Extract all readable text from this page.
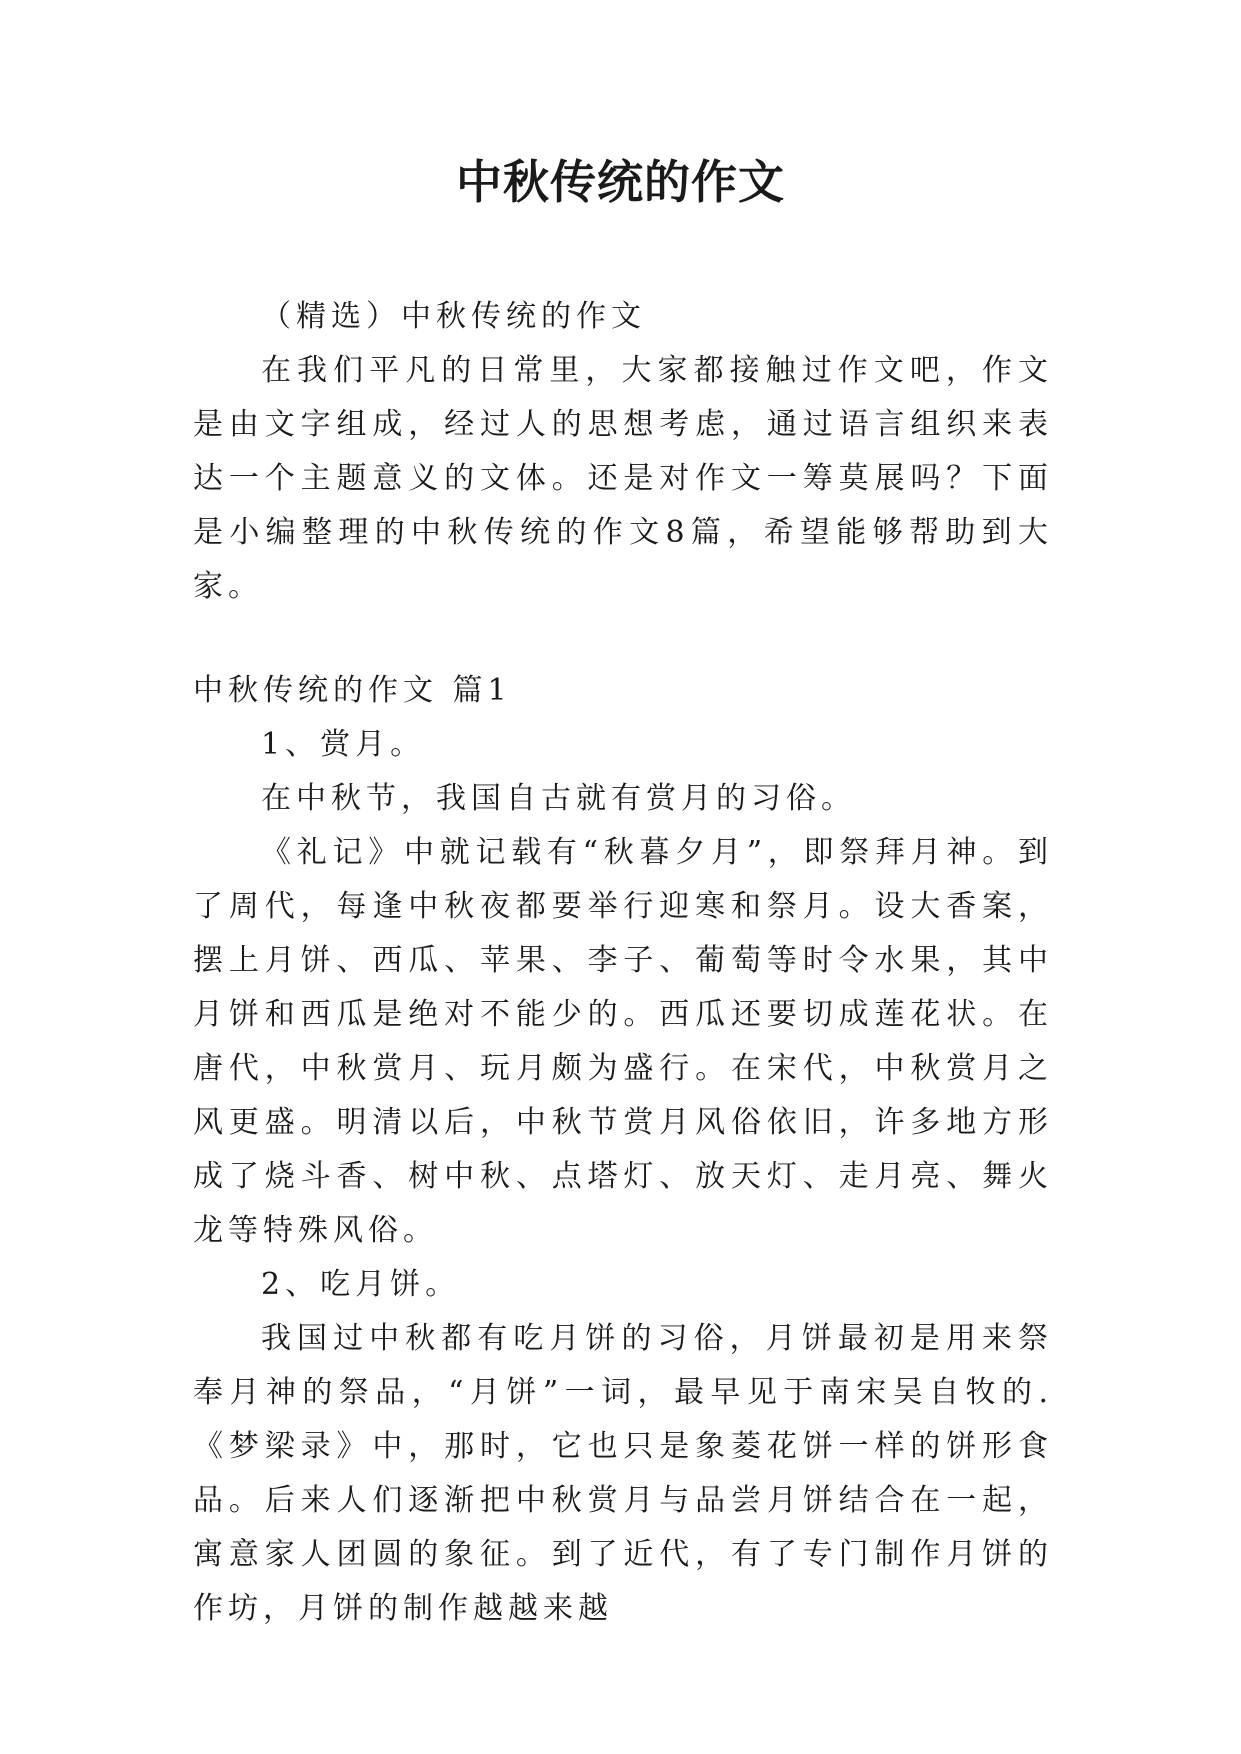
中秋传统的作文

（精选）中秋传统的作文

在我们平凡的日常里，大家都接触过作文吧，作文是由文字组成，经过人的思想考虑，通过语言组织来表达一个主题意义的文体。还是对作文一筹莫展吗？下面是小编整理的中秋传统的作文8篇，希望能够帮助到大家。

中秋传统的作文 篇1

1、赏月。

在中秋节，我国自古就有赏月的习俗。

《礼记》中就记载有“秋暮夕月”，即祭拜月神。到了周代，每逢中秋夜都要举行迎寒和祭月。设大香案，摆上月饼、西瓜、苹果、李子、葡萄等时令水果，其中月饼和西瓜是绝对不能少的。西瓜还要切成莲花状。在唐代，中秋赏月、玩月颇为盛行。在宋代，中秋赏月之风更盛。明清以后，中秋节赏月风俗依旧，许多地方形成了烧斗香、树中秋、点塔灯、放天灯、走月亮、舞火龙等特殊风俗。

2、吃月饼。

我国过中秋都有吃月饼的习俗，月饼最初是用来祭奉月神的祭品，“月饼”一词，最早见于南宋吴自牧的.《梦梁录》中，那时，它也只是象菱花饼一样的饼形食品。后来人们逐渐把中秋赏月与品尝月饼结合在一起，寓意家人团圆的象征。到了近代，有了专门制作月饼的作坊，月饼的制作越越来越
